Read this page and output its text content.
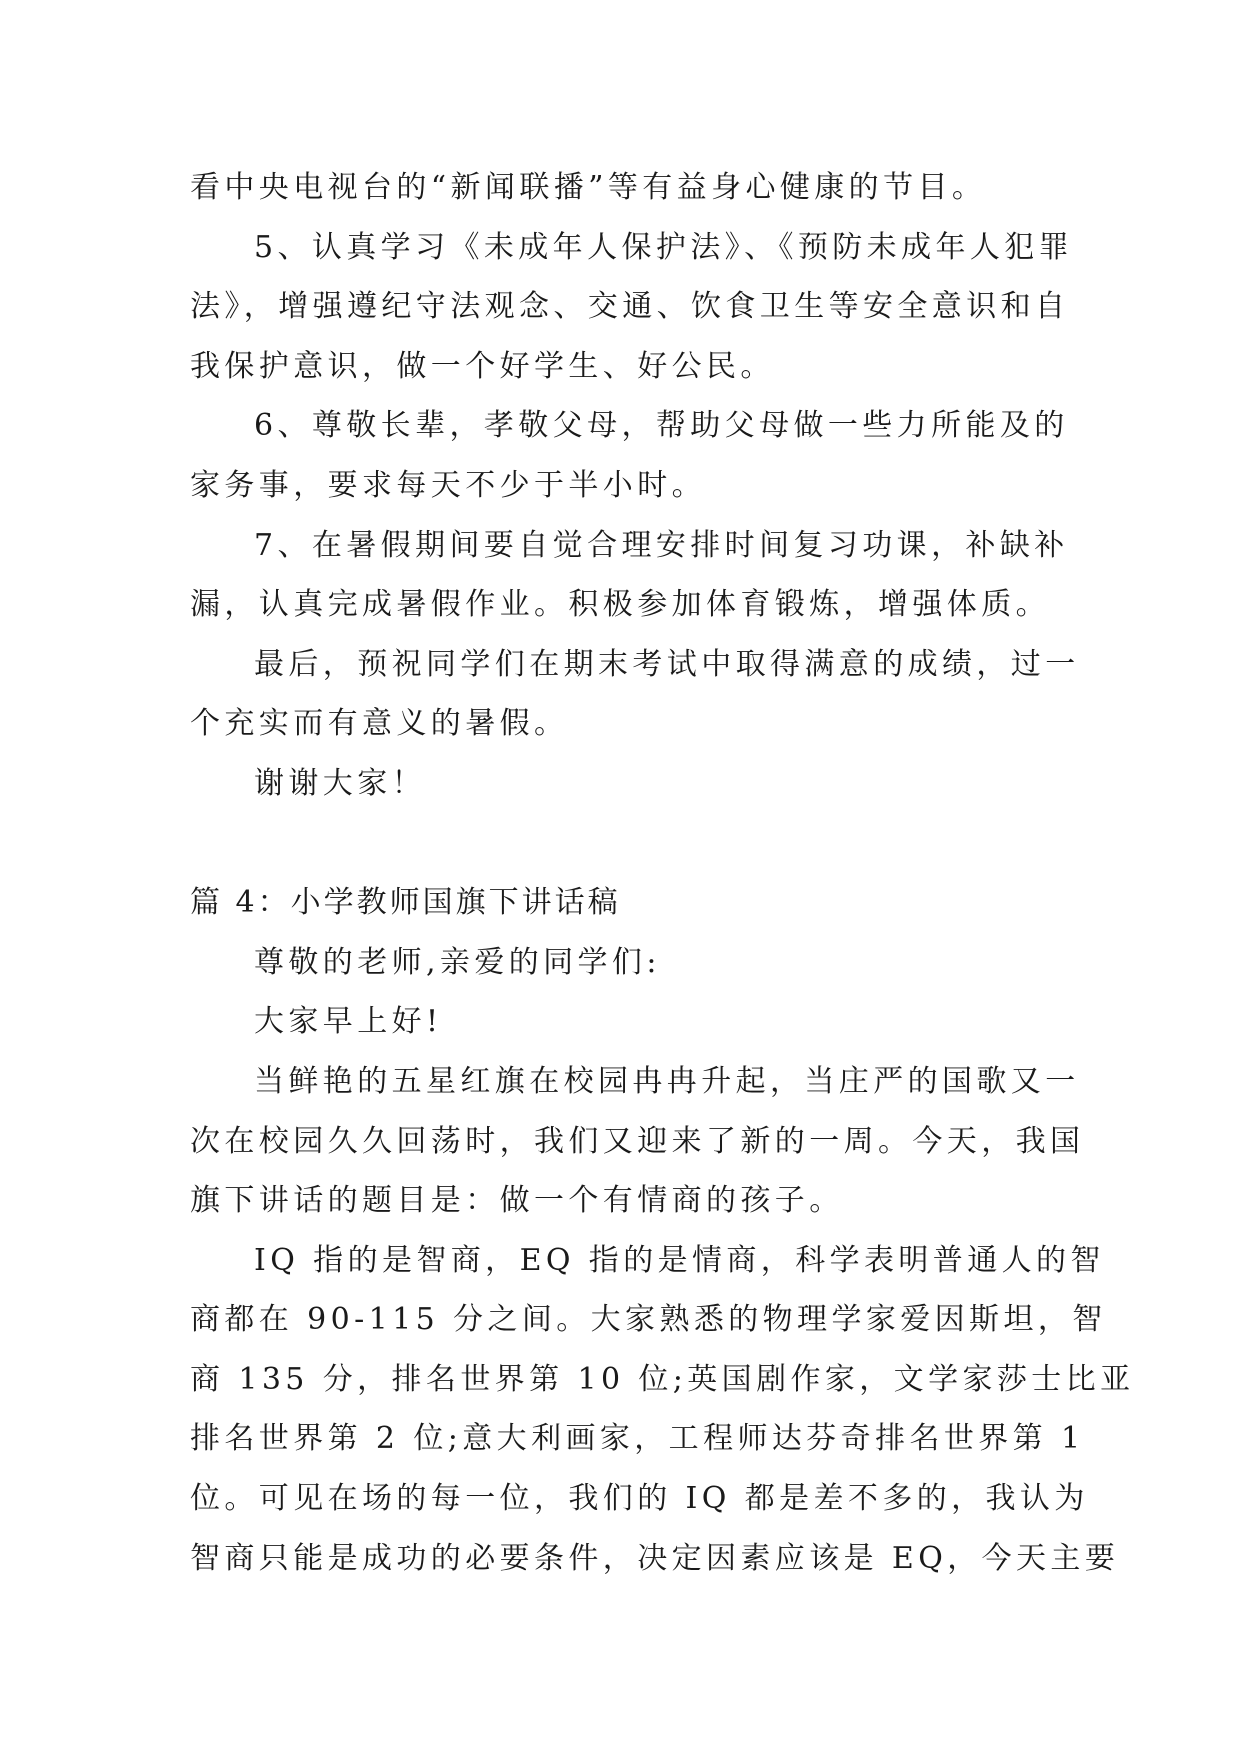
看中央电视台的“新闻联播”等有益身心健康的节目。
5、认真学习《未成年人保护法》、《预防未成年人犯罪
法》，增强遵纪守法观念、交通、饮食卫生等安全意识和自
我保护意识，做一个好学生、好公民。
6、尊敬长辈，孝敬父母，帮助父母做一些力所能及的
家务事，要求每天不少于半小时。
7、在暑假期间要自觉合理安排时间复习功课，补缺补
漏，认真完成暑假作业。积极参加体育锻炼，增强体质。
最后，预祝同学们在期末考试中取得满意的成绩，过一
个充实而有意义的暑假。
谢谢大家！
篇 4：小学教师国旗下讲话稿
尊敬的老师,亲爱的同学们:
大家早上好!
当鲜艳的五星红旗在校园冉冉升起，当庄严的国歌又一
次在校园久久回荡时，我们又迎来了新的一周。今天，我国
旗下讲话的题目是：做一个有情商的孩子。
IQ 指的是智商，EQ 指的是情商，科学表明普通人的智
商都在 90-115 分之间。大家熟悉的物理学家爱因斯坦，智
商 135 分，排名世界第 10 位;英国剧作家，文学家莎士比亚
排名世界第 2 位;意大利画家，工程师达芬奇排名世界第 1
位。可见在场的每一位，我们的 IQ 都是差不多的，我认为
智商只能是成功的必要条件，决定因素应该是 EQ，今天主要
